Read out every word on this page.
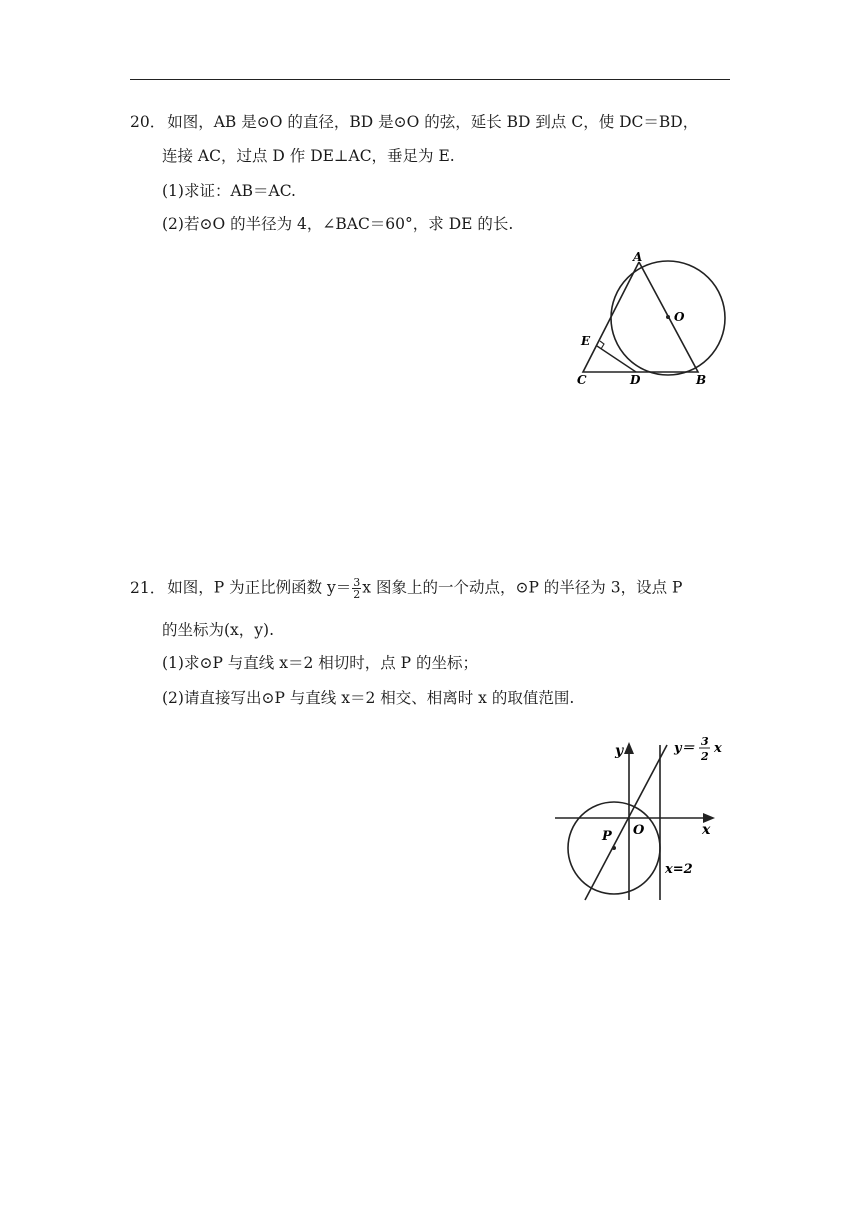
20． 如图，AB 是⊙O 的直径，BD 是⊙O 的弦，延长 BD 到点 C，使 DC＝BD，
连接 AC，过点 D 作 DE⊥AC，垂足为 E.
(1)求证：AB＝AC.
(2)若⊙O 的半径为 4，∠BAC＝60°，求 DE 的长.
A
O
E
C	D	B
21． 如图，P 为正比例函数 $y= \frac{3}{2}$ x 图象上的一个动点，⊙P 的半径为 3，设点 P
的坐标为(x，y).
(1)求⊙P 与直线 x＝2 相切时，点 P 的坐标；
(2)请直接写出⊙P 与直线 x＝2 相交、相离时 x 的取值范围.
y
x
O
P
y＝ 3
2
x
x=2
